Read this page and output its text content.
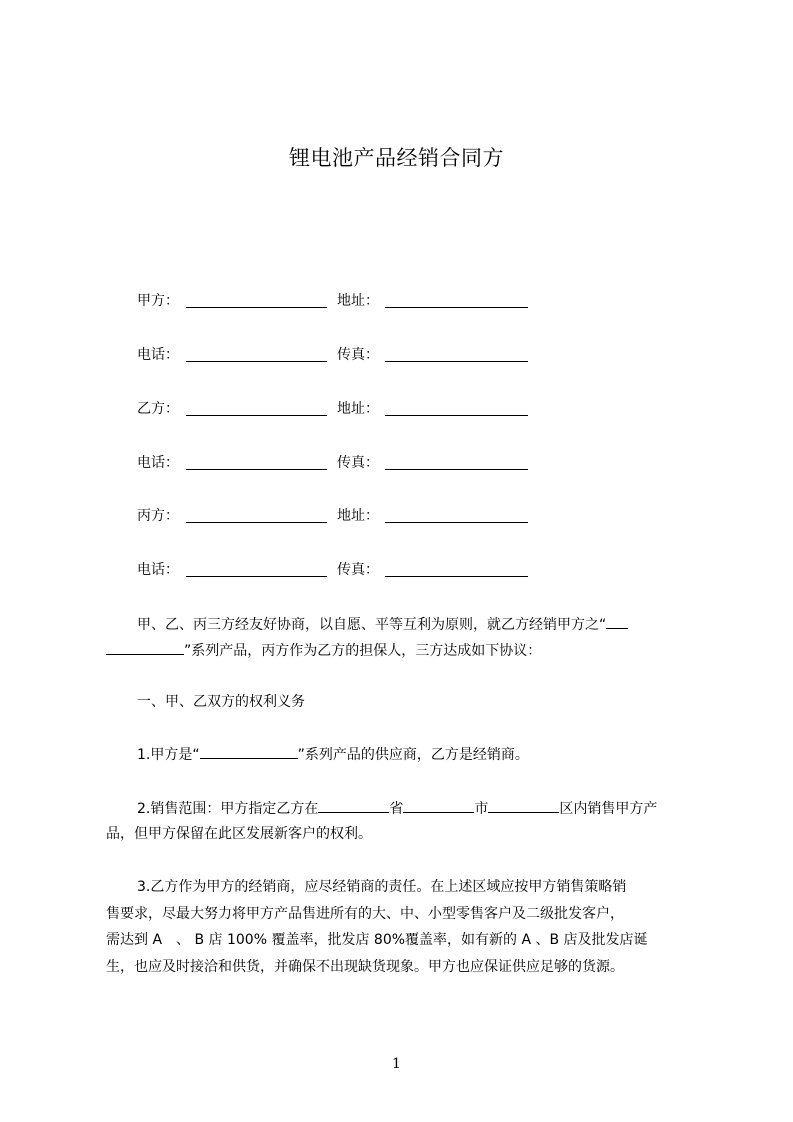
锂电池产品经销合同方
甲方：	地址：
电话：	传真：
乙方：	地址：
电话：	传真：
丙方：	地址：
电话：	传真：
甲、乙、丙三方经友好协商，以自愿、平等互利为原则，就乙方经销甲方之“
”系列产品，丙方作为乙方的担保人，三方达成如下协议：
一、甲、乙双方的权利义务
1.甲方是“	”系列产品的供应商，乙方是经销商。
2.销售范围：甲方指定乙方在	省	市	区内销售甲方产
品，但甲方保留在此区发展新客户的权利。
3.乙方作为甲方的经销商，应尽经销商的责任。在上述区域应按甲方销售策略销
售要求，尽最大努力将甲方产品售进所有的大、中、小型零售客户及二级批发客户，
需达到 A　、 B 店 100% 覆盖率，批发店 80%覆盖率，如有新的 A 、B 店及批发店诞
生，也应及时接洽和供货，并确保不出现缺货现象。甲方也应保证供应足够的货源。
1
